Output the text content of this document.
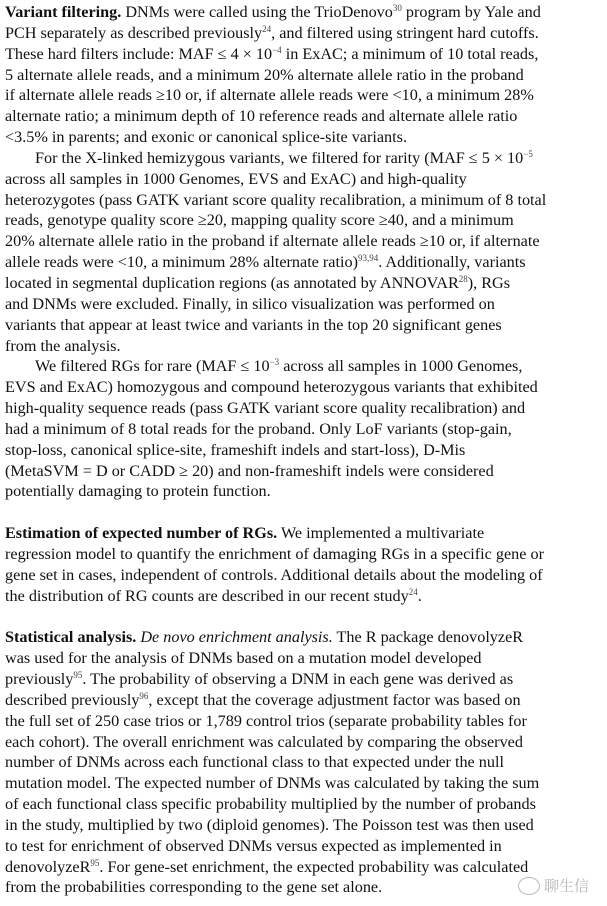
Variant filtering. DNMs were called using the TrioDenovo$^{30}$ program by Yale and
PCH separately as described previously$^{24}$, and filtered using stringent hard cutoffs.
These hard filters include: MAF ≤ $4 \times 10^{-4}$ in ExAC; a minimum of 10 total reads,
5 alternate allele reads, and a minimum 20% alternate allele ratio in the proband
if alternate allele reads ≥10 or, if alternate allele reads were <10, a minimum 28%
alternate ratio; a minimum depth of 10 reference reads and alternate allele ratio
<3.5% in parents; and exonic or canonical splice-site variants.
For the X-linked hemizygous variants, we filtered for rarity ($MAF \le 5 \times 10^{-5}$
across all samples in 1000 Genomes, EVS and ExAC) and high-quality
heterozygotes (pass GATK variant score quality recalibration, a minimum of 8 total
reads, genotype quality score ≥20, mapping quality score ≥40, and a minimum
20% alternate allele ratio in the proband if alternate allele reads ≥10 or, if alternate
allele reads were <10, a minimum 28% alternate ratio)$^{93,94}$. Additionally, variants
located in segmental duplication regions (as annotated by ANNOVAR$^{28}$), RGs
and DNMs were excluded. Finally, in silico visualization was performed on
variants that appear at least twice and variants in the top 20 significant genes
from the analysis.
We filtered RGs for rare ($MAF \le 10^{-3}$ across all samples in 1000 Genomes,
EVS and ExAC) homozygous and compound heterozygous variants that exhibited
high-quality sequence reads (pass GATK variant score quality recalibration) and
had a minimum of 8 total reads for the proband. Only LoF variants (stop-gain,
stop-loss, canonical splice-site, frameshift indels and start-loss), D-Mis
(MetaSVM = D or CADD ≥ 20) and non-frameshift indels were considered
potentially damaging to protein function.
Estimation of expected number of RGs. We implemented a multivariate
regression model to quantify the enrichment of damaging RGs in a specific gene or
gene set in cases, independent of controls. Additional details about the modeling of
the distribution of RG counts are described in our recent study$^{24}$.
Statistical analysis. De novo enrichment analysis. The R package denovolyzeR
was used for the analysis of DNMs based on a mutation model developed
previously$^{95}$. The probability of observing a DNM in each gene was derived as
described previously$^{96}$, except that the coverage adjustment factor was based on
the full set of 250 case trios or 1,789 control trios (separate probability tables for
each cohort). The overall enrichment was calculated by comparing the observed
number of DNMs across each functional class to that expected under the null
mutation model. The expected number of DNMs was calculated by taking the sum
of each functional class specific probability multiplied by the number of probands
in the study, multiplied by two (diploid genomes). The Poisson test was then used
to test for enrichment of observed DNMs versus expected as implemented in
denovolyzeR$^{95}$. For gene-set enrichment, the expected probability was calculated
from the probabilities corresponding to the gene set alone.	聊生信
